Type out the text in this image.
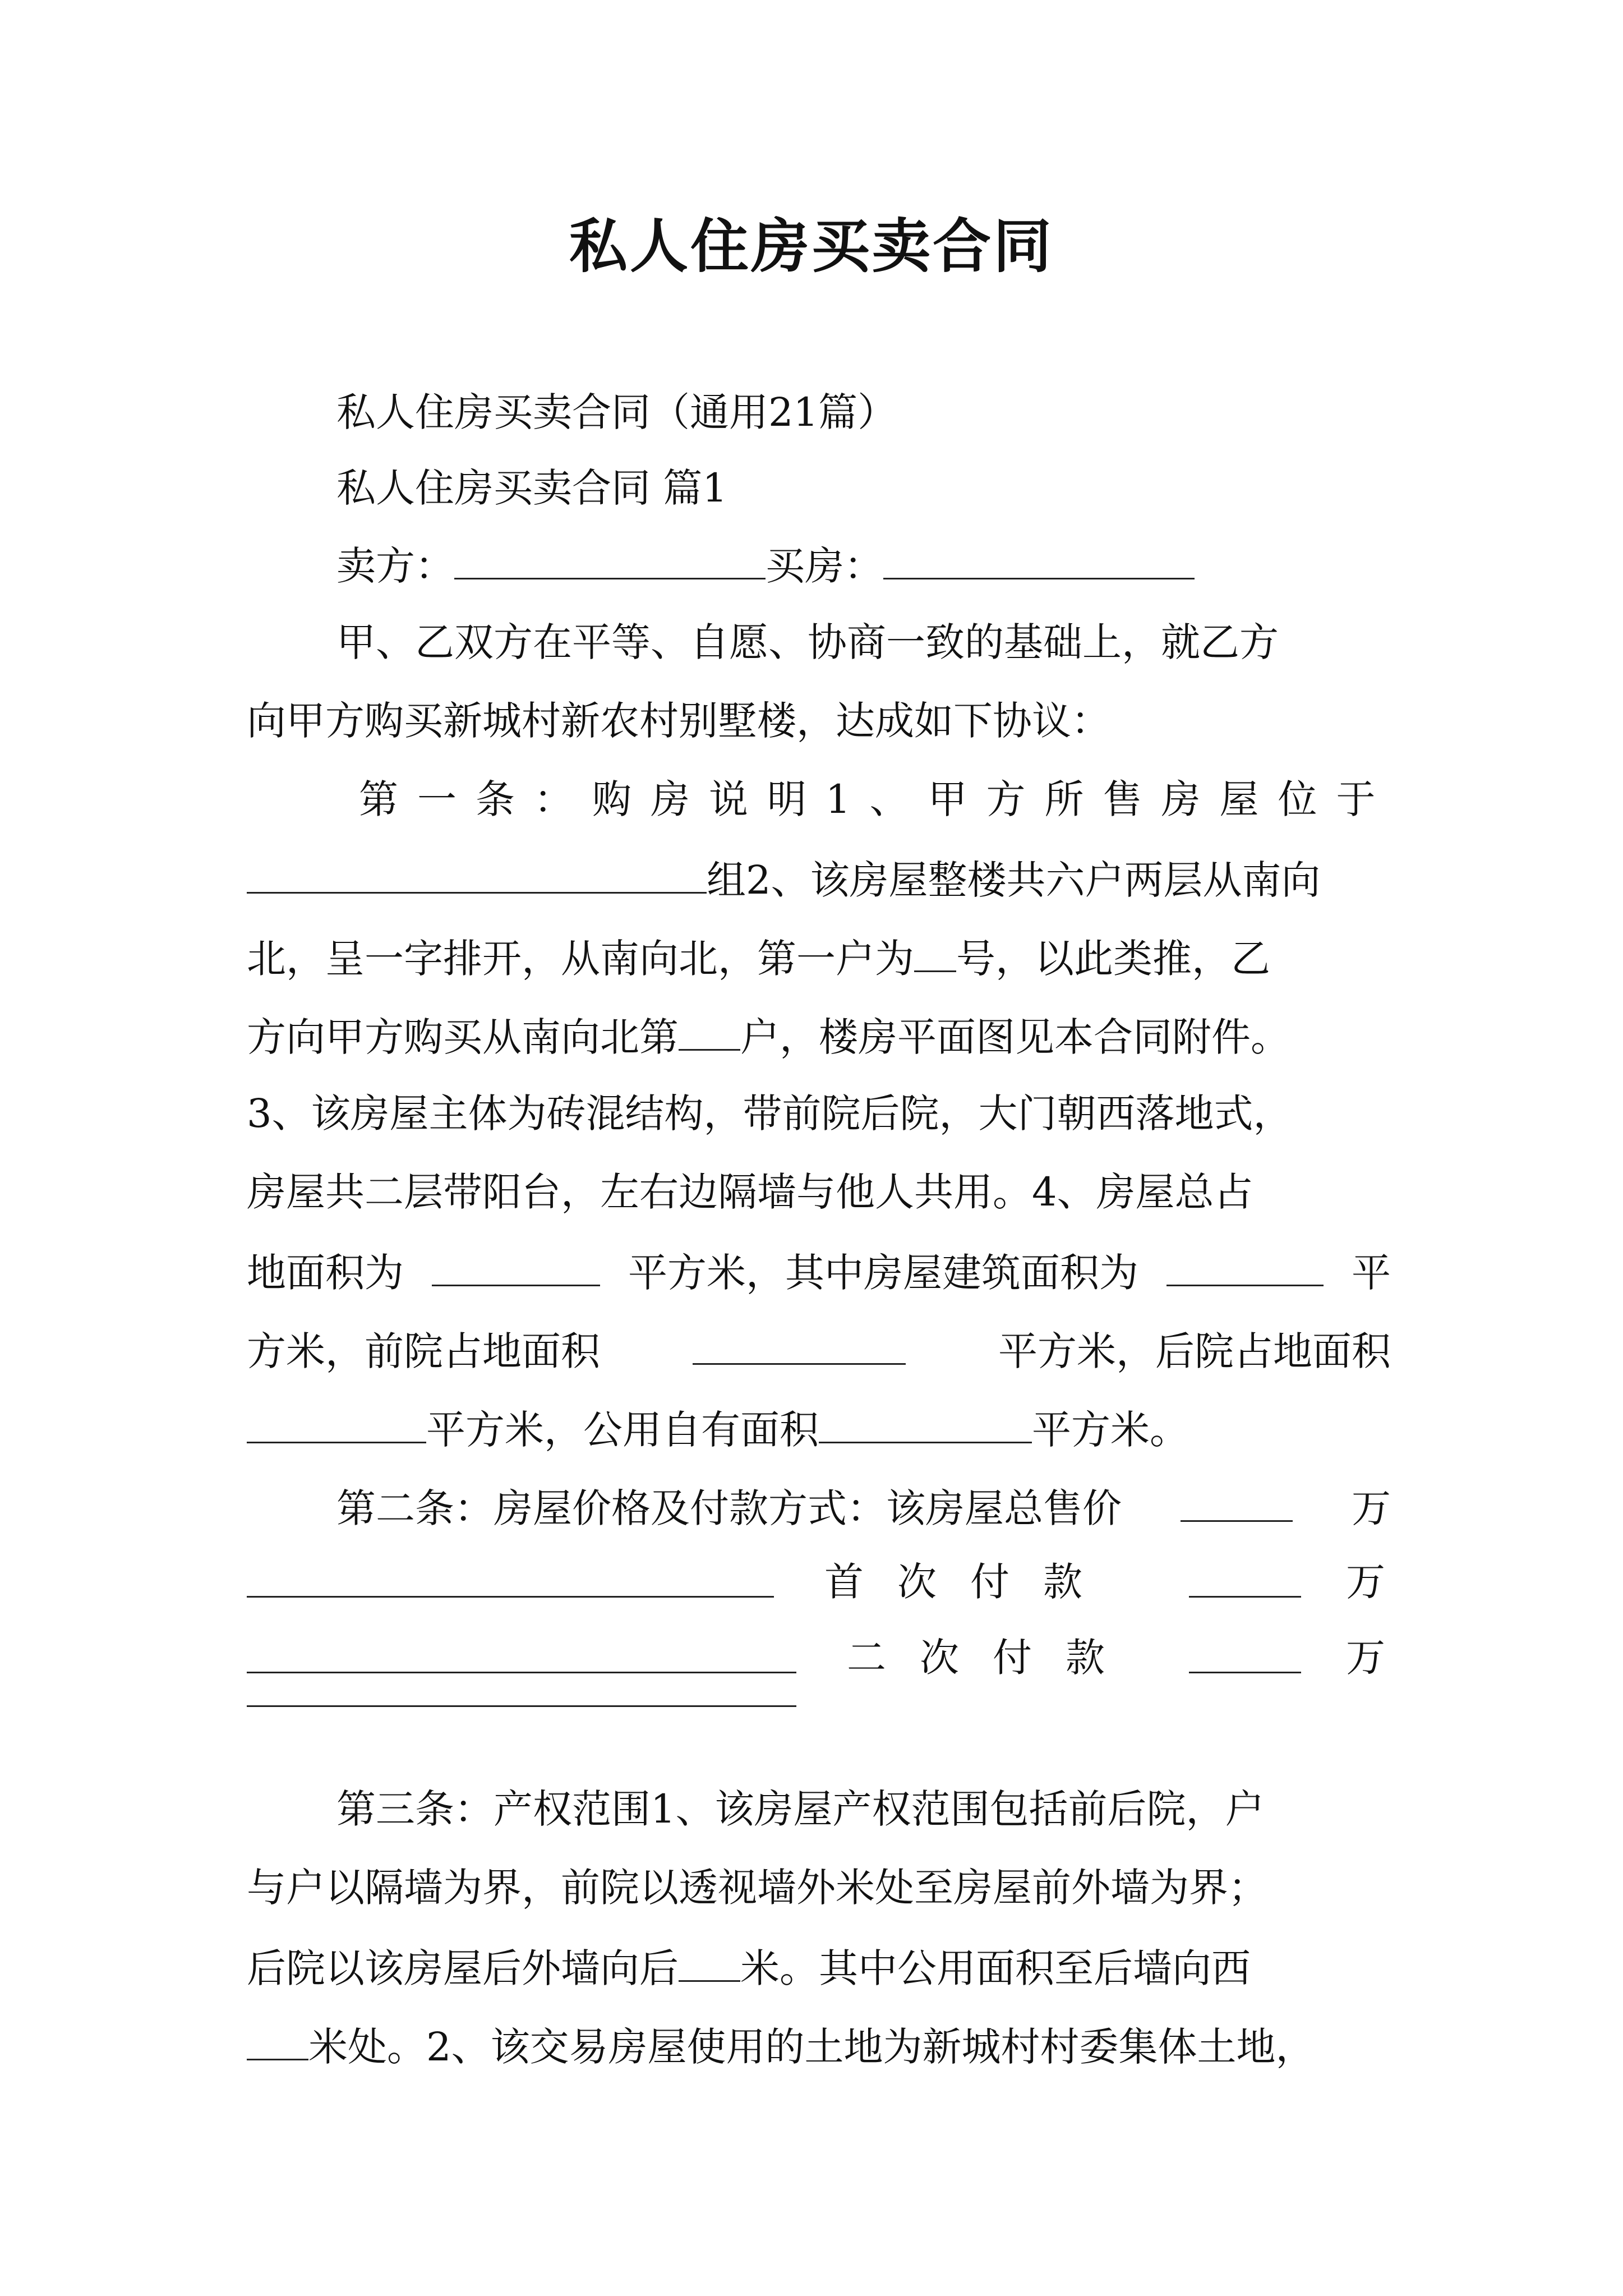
私人住房买卖合同
私人住房买卖合同（通用21篇）
私人住房买卖合同 篇1
卖方：	买房：
甲、乙双方在平等、自愿、协商一致的基础上，就乙方
向甲方购买新城村新农村别墅楼，达成如下协议：
第一条：购房说明1、甲方所售房屋位于
组2、该房屋整楼共六户两层从南向
北，呈一字排开，从南向北，第一户为 号，以此类推，乙
方向甲方购买从南向北第 户，楼房平面图见本合同附件。
3、该房屋主体为砖混结构，带前院后院，大门朝西落地式，
房屋共二层带阳台，左右边隔墙与他人共用。4、房屋总占
地面积为	平方米，其中房屋建筑面积为	平
方米，前院占地面积	平方米，后院占地面积
平方米，公用自有面积	平方米。
第二条：房屋价格及付款方式：该房屋总售价	万
首次付款	万
二次付款	万
第三条：产权范围1、该房屋产权范围包括前后院，户
与户以隔墙为界，前院以透视墙外米处至房屋前外墙为界；
后院以该房屋后外墙向后 米。其中公用面积至后墙向西
米处。2、该交易房屋使用的土地为新城村村委集体土地，
